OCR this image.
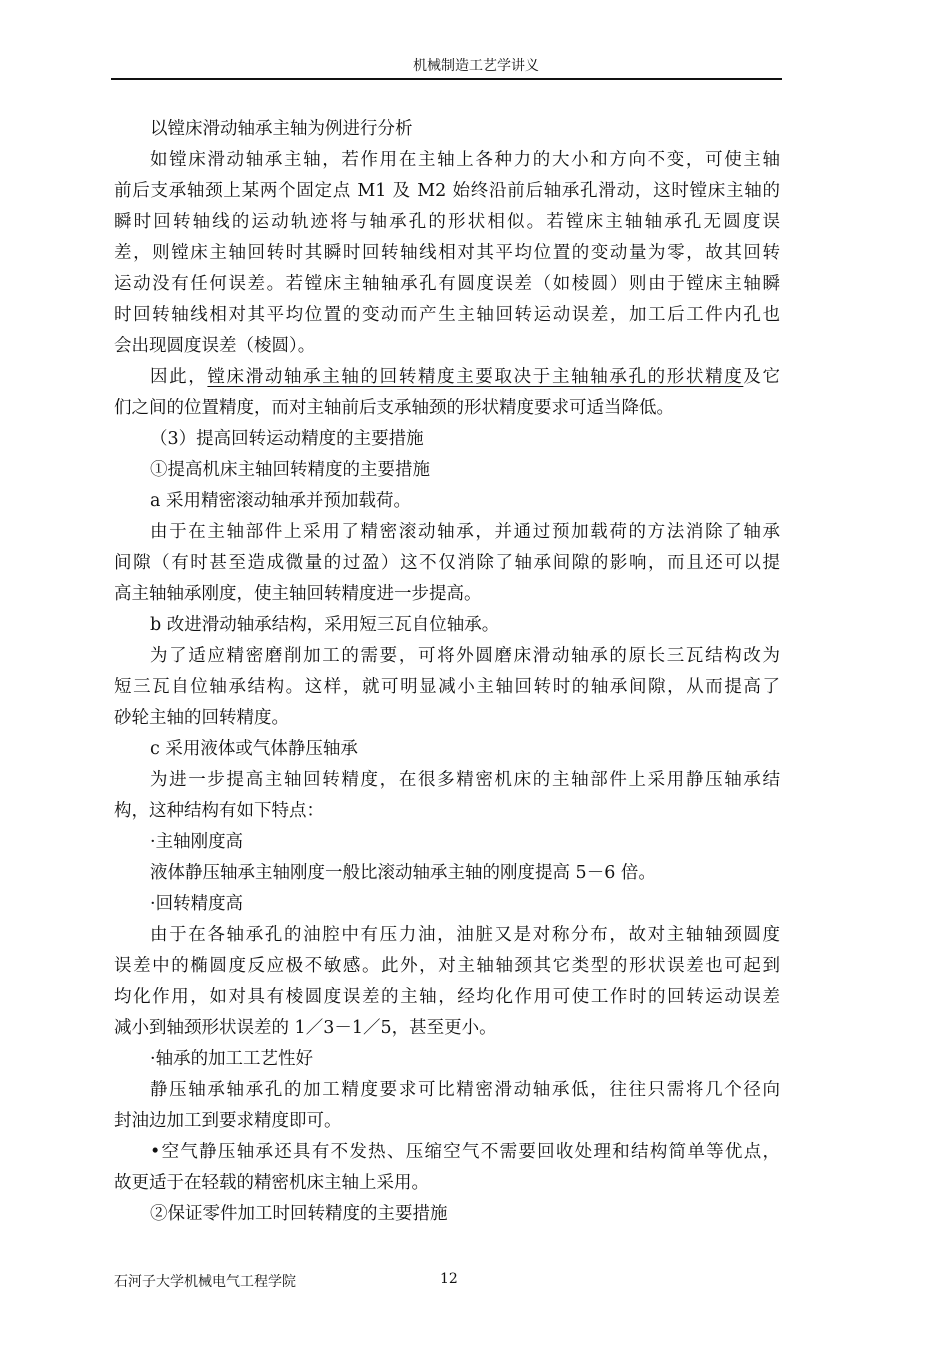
机械制造工艺学讲义
以镗床滑动轴承主轴为例进行分析
如镗床滑动轴承主轴，若作用在主轴上各种力的大小和方向不变，可使主轴
前后支承轴颈上某两个固定点 M1 及 M2 始终沿前后轴承孔滑动，这时镗床主轴的
瞬时回转轴线的运动轨迹将与轴承孔的形状相似。若镗床主轴轴承孔无圆度误
差，则镗床主轴回转时其瞬时回转轴线相对其平均位置的变动量为零，故其回转
运动没有任何误差。若镗床主轴轴承孔有圆度误差（如棱圆）则由于镗床主轴瞬
时回转轴线相对其平均位置的变动而产生主轴回转运动误差，加工后工件内孔也
会出现圆度误差（棱圆）。
因此，镗床滑动轴承主轴的回转精度主要取决于主轴轴承孔的形状精度及它
们之间的位置精度，而对主轴前后支承轴颈的形状精度要求可适当降低。
（3）提高回转运动精度的主要措施
①提高机床主轴回转精度的主要措施
a 采用精密滚动轴承并预加载荷。
由于在主轴部件上采用了精密滚动轴承，并通过预加载荷的方法消除了轴承
间隙（有时甚至造成微量的过盈）这不仅消除了轴承间隙的影响，而且还可以提
高主轴轴承刚度，使主轴回转精度进一步提高。
b 改进滑动轴承结构，采用短三瓦自位轴承。
为了适应精密磨削加工的需要，可将外圆磨床滑动轴承的原长三瓦结构改为
短三瓦自位轴承结构。这样，就可明显减小主轴回转时的轴承间隙，从而提高了
砂轮主轴的回转精度。
c 采用液体或气体静压轴承
为进一步提高主轴回转精度，在很多精密机床的主轴部件上采用静压轴承结
构，这种结构有如下特点：
·主轴刚度高
液体静压轴承主轴刚度一般比滚动轴承主轴的刚度提高 5－6 倍。
·回转精度高
由于在各轴承孔的油腔中有压力油，油脏又是对称分布，故对主轴轴颈圆度
误差中的椭圆度反应极不敏感。此外，对主轴轴颈其它类型的形状误差也可起到
均化作用，如对具有棱圆度误差的主轴，经均化作用可使工作时的回转运动误差
减小到轴颈形状误差的 1／3－1／5，甚至更小。
·轴承的加工工艺性好
静压轴承轴承孔的加工精度要求可比精密滑动轴承低，往往只需将几个径向
封油边加工到要求精度即可。
•空气静压轴承还具有不发热、压缩空气不需要回收处理和结构简单等优点，
故更适于在轻载的精密机床主轴上采用。
②保证零件加工时回转精度的主要措施
石河子大学机械电气工程学院	12
